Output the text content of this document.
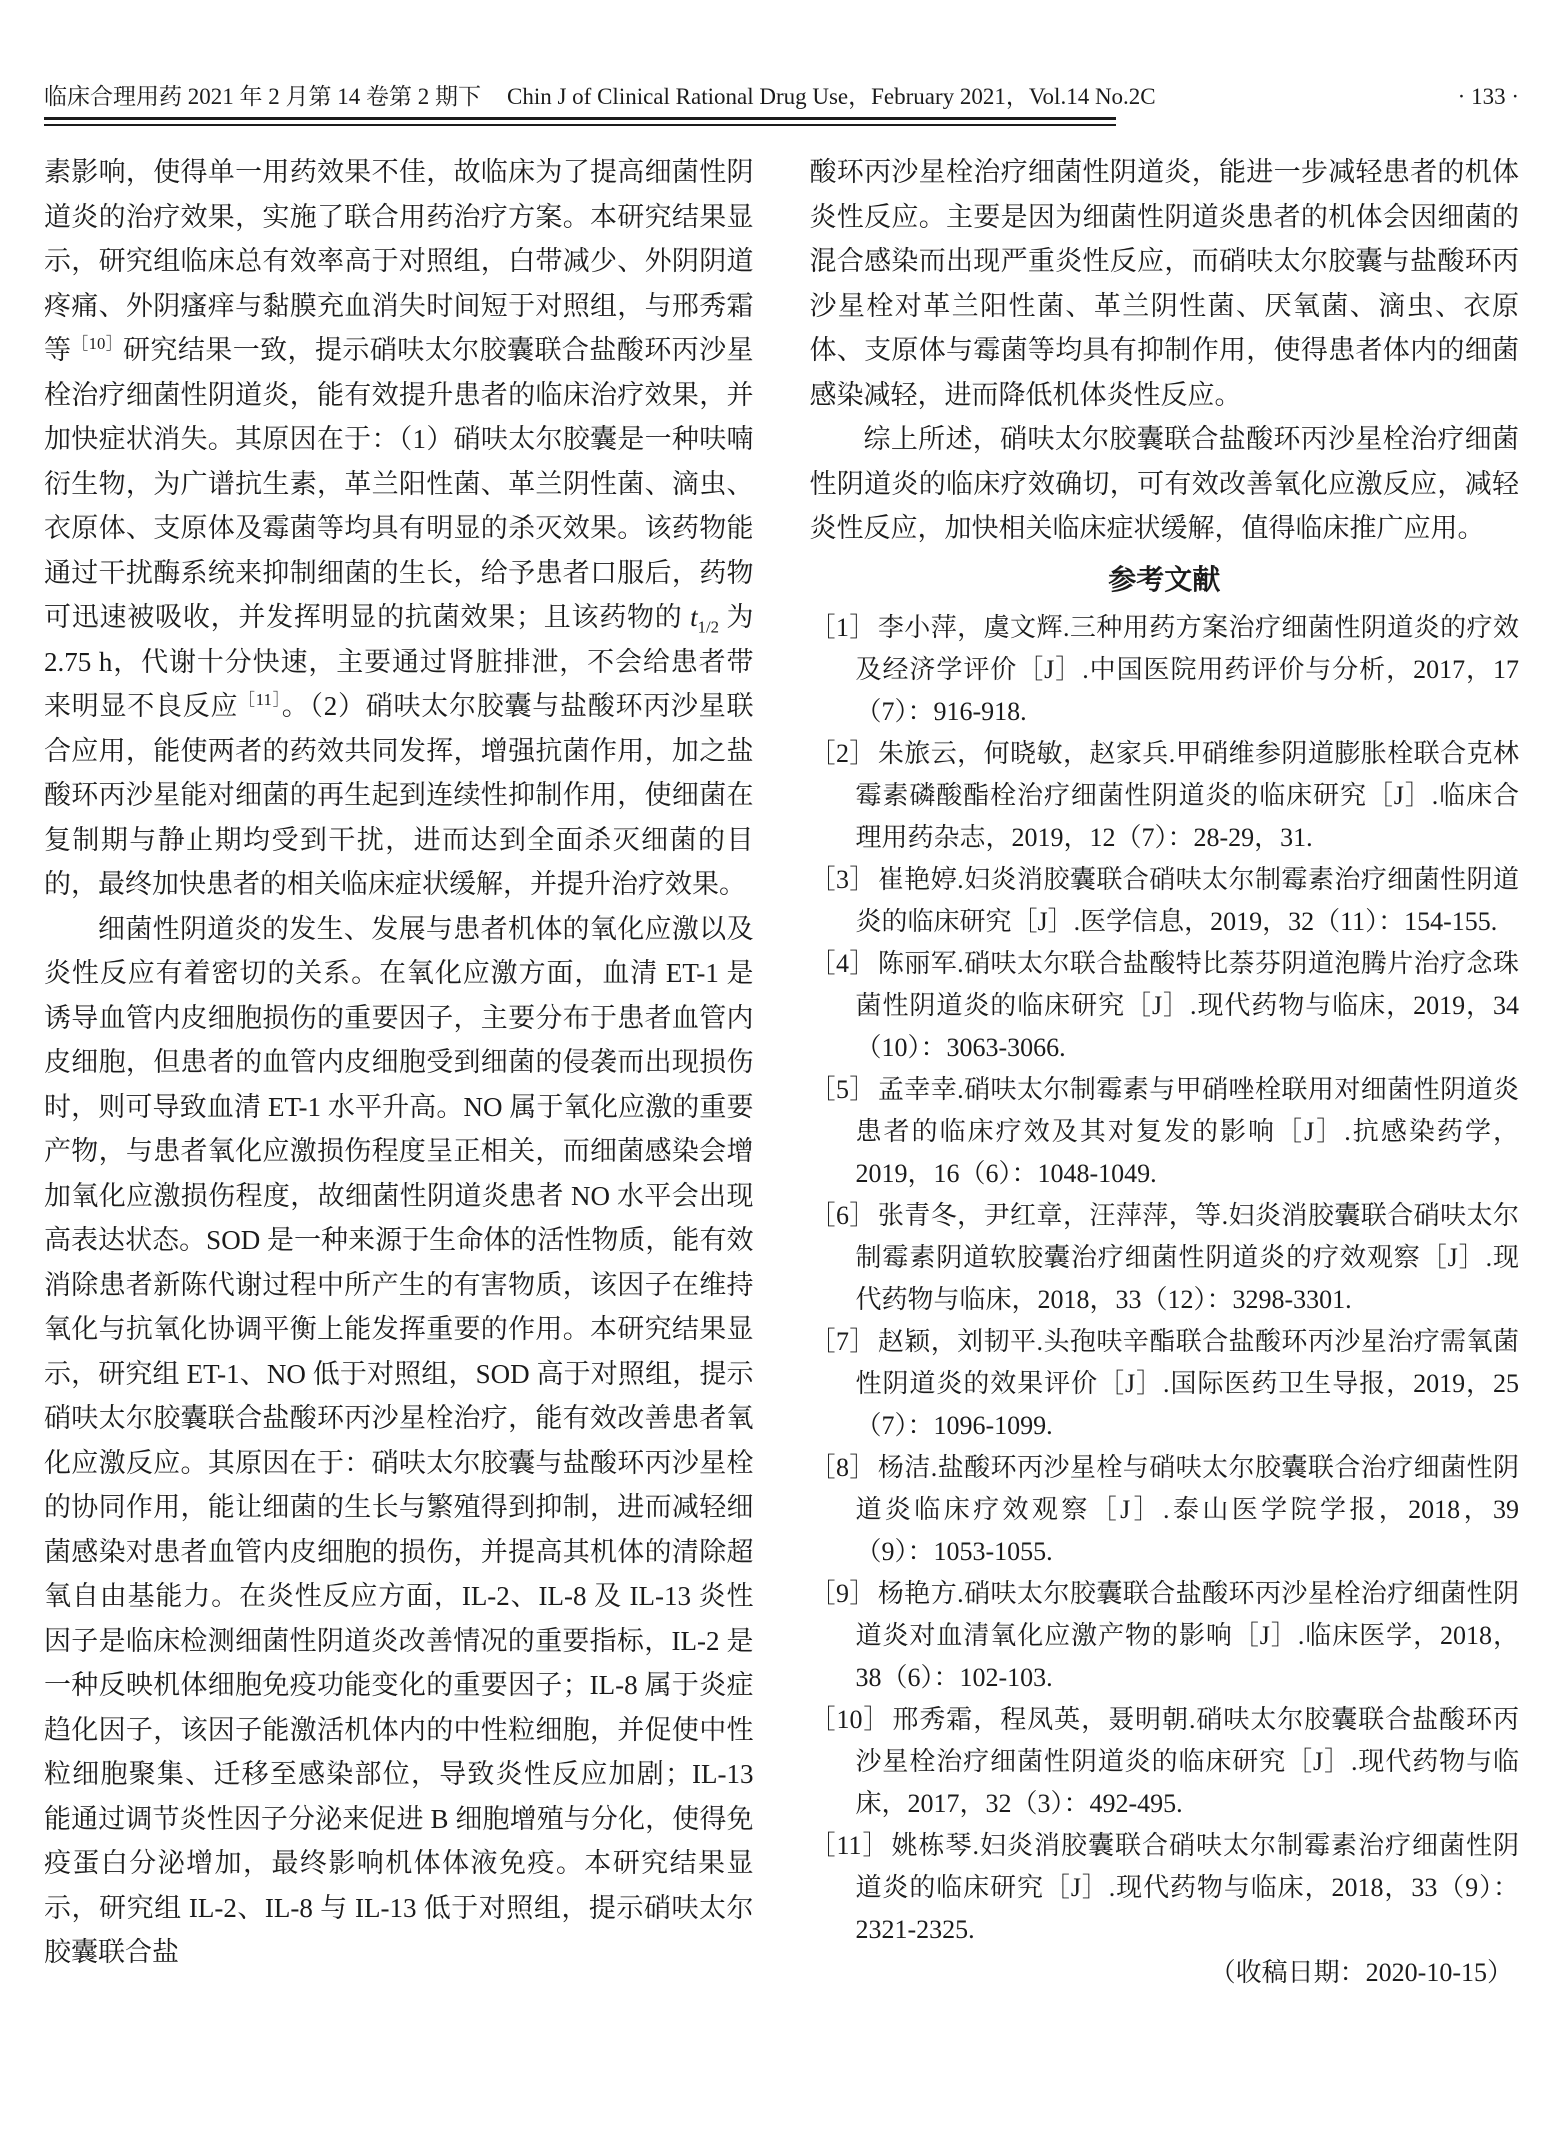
临床合理用药 2021 年 2 月第 14 卷第 2 期下 Chin J of Clinical Rational Drug Use，February 2021，Vol.14 No.2C	· 133 ·

素影响，使得单一用药效果不佳，故临床为了提高细菌性阴道炎的治疗效果，实施了联合用药治疗方案。本研究结果显示，研究组临床总有效率高于对照组，白带减少、外阴阴道疼痛、外阴瘙痒与黏膜充血消失时间短于对照组，与邢秀霜等$^{[10]}$研究结果一致，提示硝呋太尔胶囊联合盐酸环丙沙星栓治疗细菌性阴道炎，能有效提升患者的临床治疗效果，并加快症状消失。其原因在于：（1）硝呋太尔胶囊是一种呋喃衍生物，为广谱抗生素，革兰阳性菌、革兰阴性菌、滴虫、衣原体、支原体及霉菌等均具有明显的杀灭效果。该药物能通过干扰酶系统来抑制细菌的生长，给予患者口服后，药物可迅速被吸收，并发挥明显的抗菌效果；且该药物的 $t_{1/2}$ 为 2.75 h，代谢十分快速，主要通过肾脏排泄，不会给患者带来明显不良反应$^{[11]}$。（2）硝呋太尔胶囊与盐酸环丙沙星联合应用，能使两者的药效共同发挥，增强抗菌作用，加之盐酸环丙沙星能对细菌的再生起到连续性抑制作用，使细菌在复制期与静止期均受到干扰，进而达到全面杀灭细菌的目的，最终加快患者的相关临床症状缓解，并提升治疗效果。

细菌性阴道炎的发生、发展与患者机体的氧化应激以及炎性反应有着密切的关系。在氧化应激方面，血清 ET-1 是诱导血管内皮细胞损伤的重要因子，主要分布于患者血管内皮细胞，但患者的血管内皮细胞受到细菌的侵袭而出现损伤时，则可导致血清 ET-1 水平升高。NO 属于氧化应激的重要产物，与患者氧化应激损伤程度呈正相关，而细菌感染会增加氧化应激损伤程度，故细菌性阴道炎患者 NO 水平会出现高表达状态。SOD 是一种来源于生命体的活性物质，能有效消除患者新陈代谢过程中所产生的有害物质，该因子在维持氧化与抗氧化协调平衡上能发挥重要的作用。本研究结果显示，研究组 ET-1、NO 低于对照组，SOD 高于对照组，提示硝呋太尔胶囊联合盐酸环丙沙星栓治疗，能有效改善患者氧化应激反应。其原因在于：硝呋太尔胶囊与盐酸环丙沙星栓的协同作用，能让细菌的生长与繁殖得到抑制，进而减轻细菌感染对患者血管内皮细胞的损伤，并提高其机体的清除超氧自由基能力。在炎性反应方面，IL-2、IL-8 及 IL-13 炎性因子是临床检测细菌性阴道炎改善情况的重要指标，IL-2 是一种反映机体细胞免疫功能变化的重要因子；IL-8 属于炎症趋化因子，该因子能激活机体内的中性粒细胞，并促使中性粒细胞聚集、迁移至感染部位，导致炎性反应加剧；IL-13 能通过调节炎性因子分泌来促进 B 细胞增殖与分化，使得免疫蛋白分泌增加，最终影响机体体液免疫。本研究结果显示，研究组 IL-2、IL-8 与 IL-13 低于对照组，提示硝呋太尔胶囊联合盐

酸环丙沙星栓治疗细菌性阴道炎，能进一步减轻患者的机体炎性反应。主要是因为细菌性阴道炎患者的机体会因细菌的混合感染而出现严重炎性反应，而硝呋太尔胶囊与盐酸环丙沙星栓对革兰阳性菌、革兰阴性菌、厌氧菌、滴虫、衣原体、支原体与霉菌等均具有抑制作用，使得患者体内的细菌感染减轻，进而降低机体炎性反应。

综上所述，硝呋太尔胶囊联合盐酸环丙沙星栓治疗细菌性阴道炎的临床疗效确切，可有效改善氧化应激反应，减轻炎性反应，加快相关临床症状缓解，值得临床推广应用。

参考文献

［1］李小萍，虞文辉.三种用药方案治疗细菌性阴道炎的疗效及经济学评价［J］.中国医院用药评价与分析，2017，17（7）：916-918.

［2］朱旅云，何晓敏，赵家兵.甲硝维参阴道膨胀栓联合克林霉素磷酸酯栓治疗细菌性阴道炎的临床研究［J］.临床合理用药杂志，2019，12（7）：28-29，31.

［3］崔艳婷.妇炎消胶囊联合硝呋太尔制霉素治疗细菌性阴道炎的临床研究［J］.医学信息，2019，32（11）：154-155.

［4］陈丽军.硝呋太尔联合盐酸特比萘芬阴道泡腾片治疗念珠菌性阴道炎的临床研究［J］.现代药物与临床，2019，34（10）：3063-3066.

［5］孟幸幸.硝呋太尔制霉素与甲硝唑栓联用对细菌性阴道炎患者的临床疗效及其对复发的影响［J］.抗感染药学，2019，16（6）：1048-1049.

［6］张青冬，尹红章，汪萍萍，等.妇炎消胶囊联合硝呋太尔制霉素阴道软胶囊治疗细菌性阴道炎的疗效观察［J］.现代药物与临床，2018，33（12）：3298-3301.

［7］赵颖，刘韧平.头孢呋辛酯联合盐酸环丙沙星治疗需氧菌性阴道炎的效果评价［J］.国际医药卫生导报，2019，25（7）：1096-1099.

［8］杨洁.盐酸环丙沙星栓与硝呋太尔胶囊联合治疗细菌性阴道炎临床疗效观察［J］.泰山医学院学报，2018，39（9）：1053-1055.

［9］杨艳方.硝呋太尔胶囊联合盐酸环丙沙星栓治疗细菌性阴道炎对血清氧化应激产物的影响［J］.临床医学，2018，38（6）：102-103.

［10］邢秀霜，程凤英，聂明朝.硝呋太尔胶囊联合盐酸环丙沙星栓治疗细菌性阴道炎的临床研究［J］.现代药物与临床，2017，32（3）：492-495.

［11］姚栋琴.妇炎消胶囊联合硝呋太尔制霉素治疗细菌性阴道炎的临床研究［J］.现代药物与临床，2018，33（9）：2321-2325.

（收稿日期：2020-10-15）
